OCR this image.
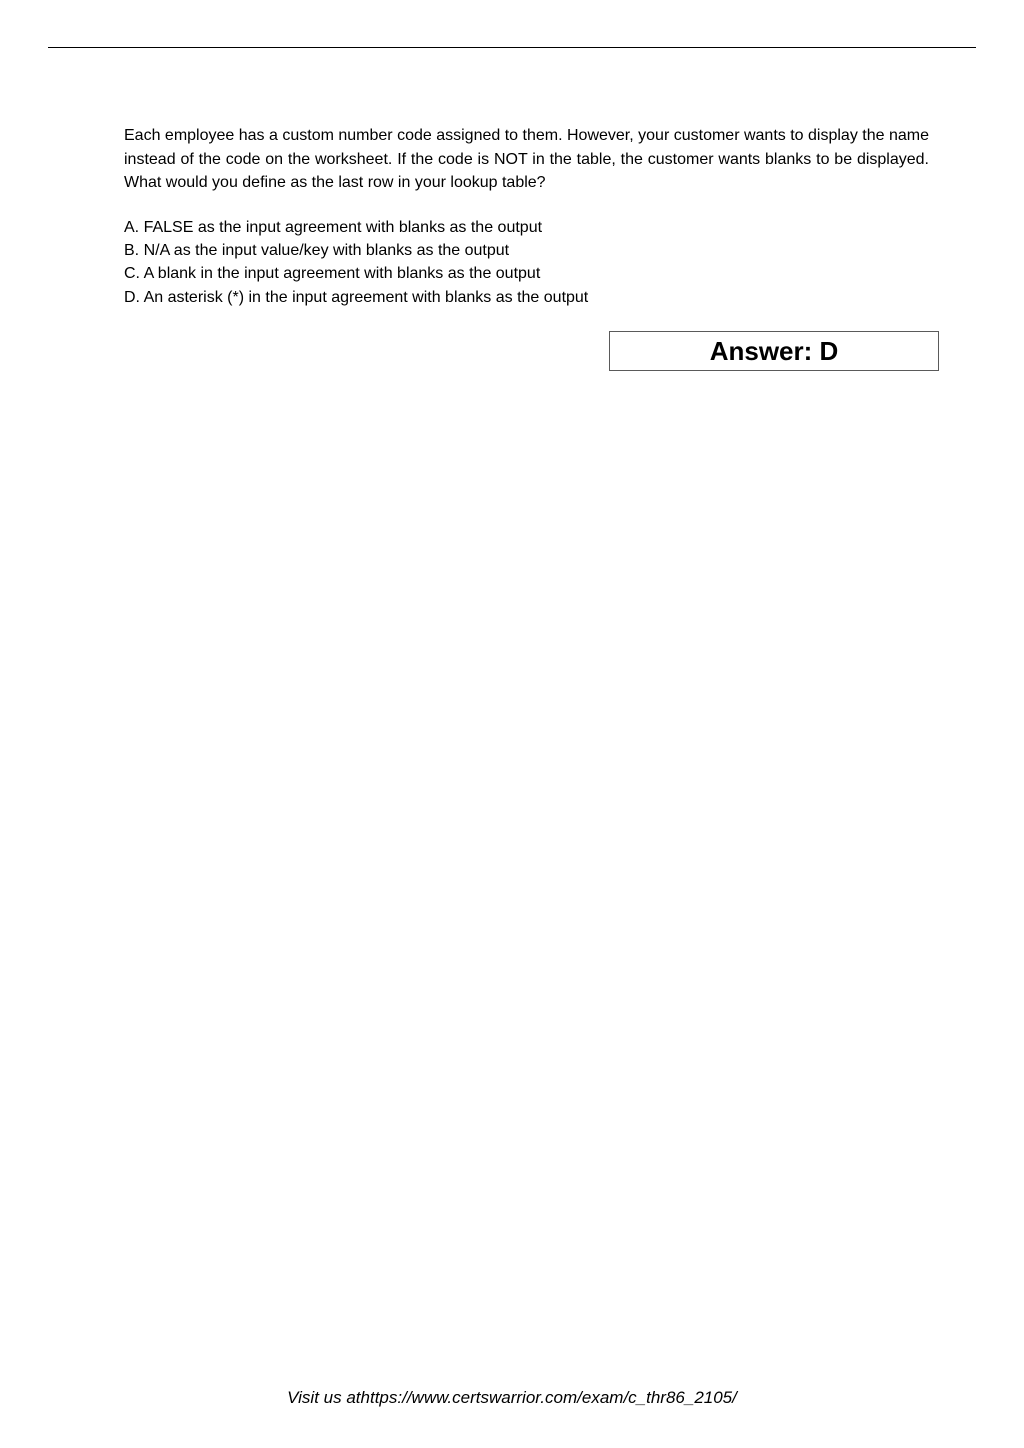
Each employee has a custom number code assigned to them. However, your customer wants to display the name instead of the code on the worksheet. If the code is NOT in the table, the customer wants blanks to be displayed. What would you define as the last row in your lookup table?

A. FALSE as the input agreement with blanks as the output
B. N/A as the input value/key with blanks as the output
C. A blank in the input agreement with blanks as the output
D. An asterisk (*) in the input agreement with blanks as the output
Answer: D
Visit us athttps://www.certswarrior.com/exam/c_thr86_2105/
